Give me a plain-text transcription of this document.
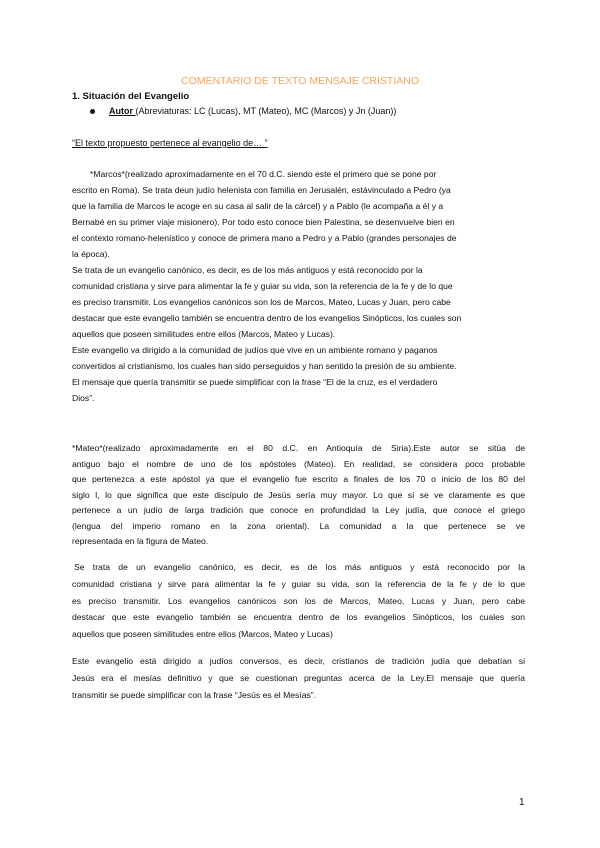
COMENTARIO DE TEXTO MENSAJE CRISTIANO
1. Situación del Evangelio
Autor (Abreviaturas: LC (Lucas), MT (Mateo), MC (Marcos) y Jn (Juan))
“El texto propuesto pertenece al evangelio de… ”
*Marcos*(realizado aproximadamente en el 70 d.C. siendo este el primero que se pone por
escrito en Roma). Se trata deun judío helenista con familia en Jerusalén, estávinculado a Pedro (ya
que la familia de Marcos le acoge en su casa al salir de la cárcel) y a Pablo (le acompaña a él y a
Bernabé en su primer viaje misionero). Por todo esto conoce bien Palestina, se desenvuelve bien en
el contexto romano-helenístico y conoce de primera mano a Pedro y a Pablo (grandes personajes de
la época).
Se trata de un evangelio canónico, es decir, es de los más antiguos y está reconocido por la
comunidad cristiana y sirve para alimentar la fe y guiar su vida, son la referencia de la fe y de lo que
es preciso transmitir. Los evangelios canónicos son los de Marcos, Mateo, Lucas y Juan, pero cabe
destacar que este evangelio también se encuentra dentro de los evangelios Sinópticos, los cuales son
aquellos que poseen similitudes entre ellos (Marcos, Mateo y Lucas).
Este evangelio va dirigido a la comunidad de judíos que vive en un ambiente romano y paganos
convertidos al cristianismo, los cuales han sido perseguidos y han sentido la presión de su ambiente.
El mensaje que quería transmitir se puede simplificar con la frase “El de la cruz, es el verdadero
Dios”.
*Mateo*(realizado aproximadamente en el 80 d.C. en Antioquía de Siria).Este autor se sitúa de
antiguo bajo el nombre de uno de los apóstoles (Mateo). En realidad, se considera poco probable
que pertenezca a este apóstol ya que el evangelio fue escrito a finales de los 70 o inicio de los 80 del
siglo I, lo que significa que este discípulo de Jesús sería muy mayor. Lo que sí se ve claramente es que
pertenece a un judío de larga tradición que conoce en profundidad la Ley judía, que conoce el griego
(lengua del imperio romano en la zona oriental). La comunidad a la que pertenece se ve
representada en la figura de Mateo.
Se trata de un evangelio canónico, es decir, es de los más antiguos y está reconocido por la
comunidad cristiana y sirve para alimentar la fe y guiar su vida, son la referencia de la fe y de lo que
es preciso transmitir. Los evangelios canónicos son los de Marcos, Mateo, Lucas y Juan, pero cabe
destacar que este evangelio también se encuentra dentro de los evangelios Sinópticos, los cuales son
aquellos que poseen similitudes entre ellos (Marcos, Mateo y Lucas)
Este evangelio está dirigido a judíos conversos, es decir, cristianos de tradición judía que debatían si
Jesús era el mesías definitivo y que se cuestionan preguntas acerca de la Ley.El mensaje que quería
transmitir se puede simplificar con la frase “Jesús es el Mesías”.
1
